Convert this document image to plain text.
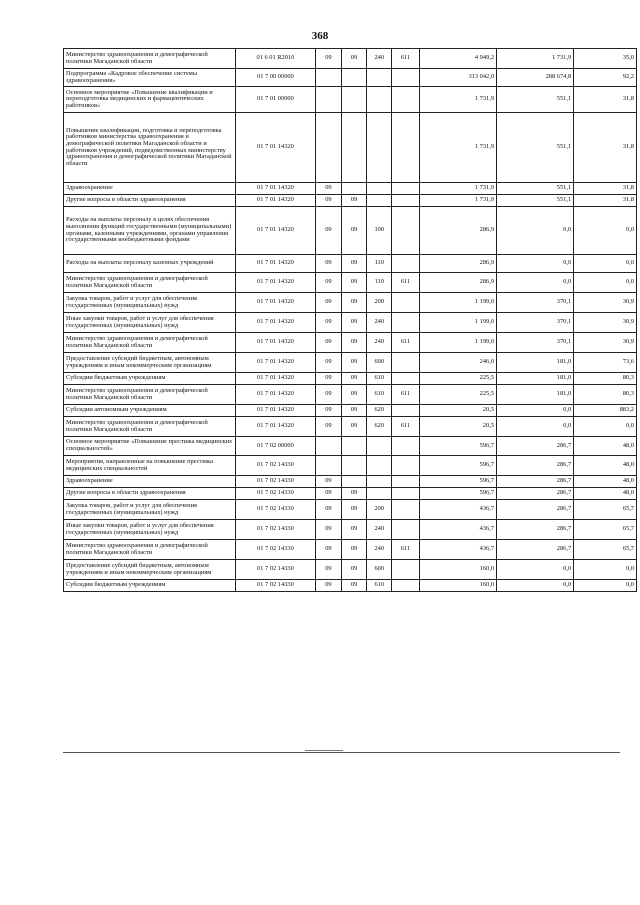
368
Министерство здравоохранения и демографической политики Магаданской области	01 6 01 R2010	09	09	240	611	4 949,2	1 731,9	35,0
Подпрограмма «Кадровое обеспечение системы здравоохранения»	01 7 00 00000					313 042,0	288 674,8	92,2
Основное мероприятие «Повышение квалификации и переподготовка медицинских и фармацевтических работников»	01 7 01 00000					1 731,9	551,1	31,8
Повышение квалификации, подготовка и переподготовка работников министерства здравоохранения и демографической политики Магаданской области и работников учреждений, подведомственных министерству здравоохранения и демографической политики Магаданской области	01 7 01 14320					1 731,9	551,1	31,8
Здравоохранение	01 7 01 14320	09				1 731,9	551,1	31,8
Другие вопросы в области здравоохранения	01 7 01 14320	09	09			1 731,9	551,1	31,8
Расходы на выплаты персоналу в целях обеспечения выполнения функций государственными (муниципальными) органами, казенными учреждениями, органами управления государственными внебюджетными фондами	01 7 01 14320	09	09	100		286,9	0,0	0,0
Расходы на выплаты персоналу казенных учреждений	01 7 01 14320	09	09	110		286,9	0,0	0,0
Министерство здравоохранения и демографической политики Магаданской области	01 7 01 14320	09	09	110	611	286,9	0,0	0,0
Закупка товаров, работ и услуг для обеспечения государственных (муниципальных) нужд	01 7 01 14320	09	09	200		1 199,0	370,1	30,9
Иные закупки товаров, работ и услуг для обеспечения государственных (муниципальных) нужд	01 7 01 14320	09	09	240		1 199,0	370,1	30,9
Министерство здравоохранения и демографической политики Магаданской области	01 7 01 14320	09	09	240	611	1 199,0	370,1	30,9
Предоставление субсидий бюджетным, автономным учреждениям и иным некоммерческим организациям	01 7 01 14320	09	09	600		246,0	181,0	73,6
Субсидии бюджетным учреждениям	01 7 01 14320	09	09	610		225,5	181,0	80,3
Министерство здравоохранения и демографической политики Магаданской области	01 7 01 14320	09	09	610	611	225,5	181,0	80,3
Субсидии автономным учреждениям	01 7 01 14320	09	09	620		20,5	0,0	883,2
Министерство здравоохранения и демографической политики Магаданской области	01 7 01 14320	09	09	620	611	20,5	0,0	0,0
Основное мероприятие «Повышение престижа медицинских специальностей»	01 7 02 00000					596,7	286,7	48,0
Мероприятия, направленные на повышение престижа медицинских специальностей	01 7 02 14330					596,7	286,7	48,0
Здравоохранение	01 7 02 14330	09				596,7	286,7	48,0
Другие вопросы в области здравоохранения	01 7 02 14330	09	09			596,7	286,7	48,0
Закупка товаров, работ и услуг для обеспечения государственных (муниципальных) нужд	01 7 02 14330	09	09	200		436,7	286,7	65,7
Иные закупки товаров, работ и услуг для обеспечения государственных (муниципальных) нужд	01 7 02 14330	09	09	240		436,7	286,7	65,7
Министерство здравоохранения и демографической политики Магаданской области	01 7 02 14330	09	09	240	611	436,7	286,7	65,7
Предоставление субсидий бюджетным, автономным учреждениям и иным некоммерческим организациям	01 7 02 14330	09	09	600		160,0	0,0	0,0
Субсидии бюджетным учреждениям	01 7 02 14330	09	09	610		160,0	0,0	0,0
